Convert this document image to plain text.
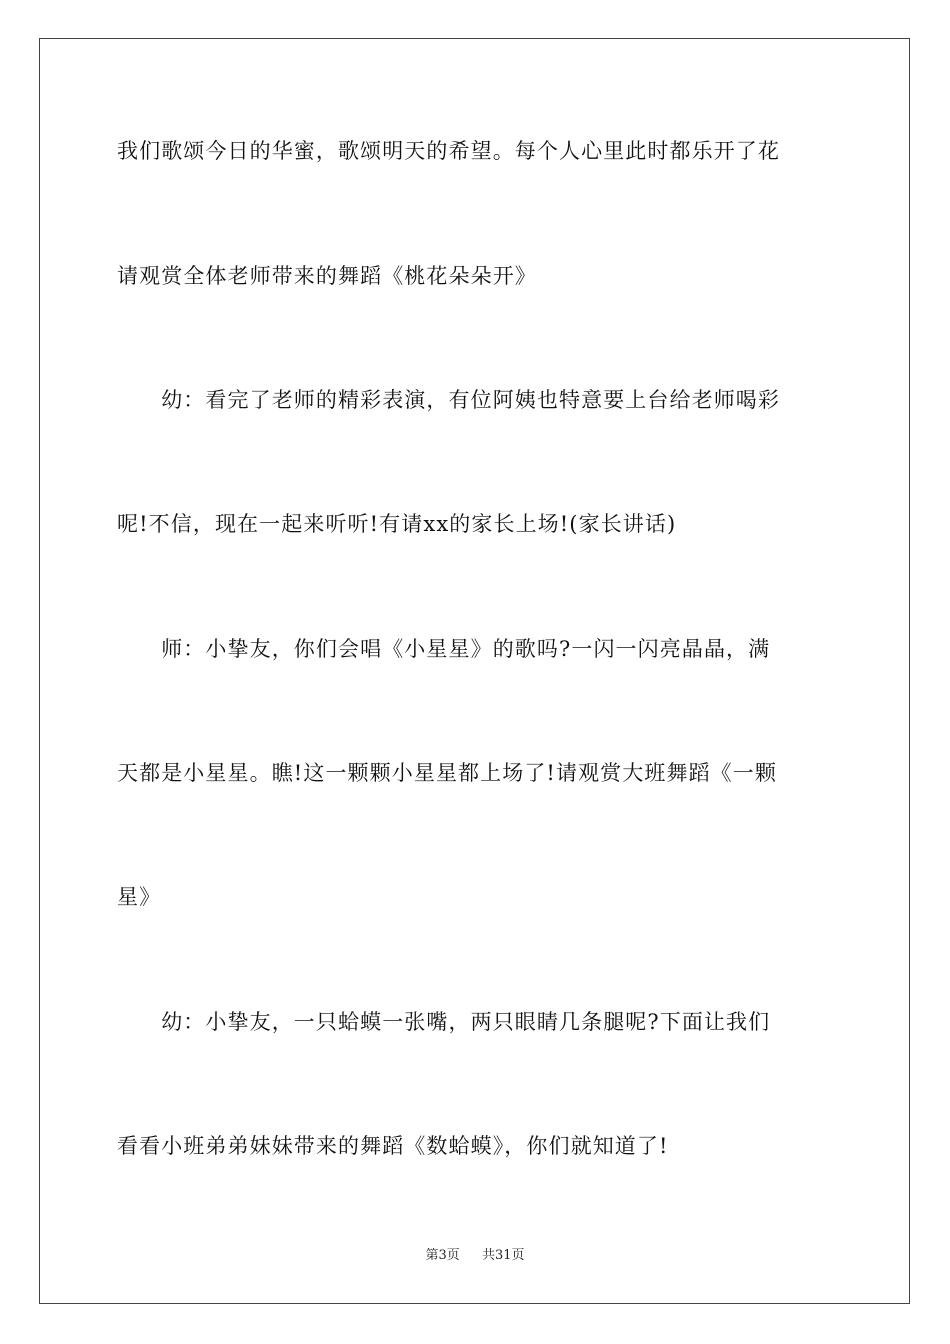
我们歌颂今日的华蜜，歌颂明天的希望。每个人心里此时都乐开了花
请观赏全体老师带来的舞蹈《桃花朵朵开》
　　幼：看完了老师的精彩表演，有位阿姨也特意要上台给老师喝彩
呢!不信，现在一起来听听!有请xx的家长上场!(家长讲话)
　　师：小挚友，你们会唱《小星星》的歌吗?一闪一闪亮晶晶，满
天都是小星星。瞧!这一颗颗小星星都上场了!请观赏大班舞蹈《一颗
星》
　　幼：小挚友，一只蛤蟆一张嘴，两只眼睛几条腿呢?下面让我们
看看小班弟弟妹妹带来的舞蹈《数蛤蟆》，你们就知道了!
第3页 共31页
